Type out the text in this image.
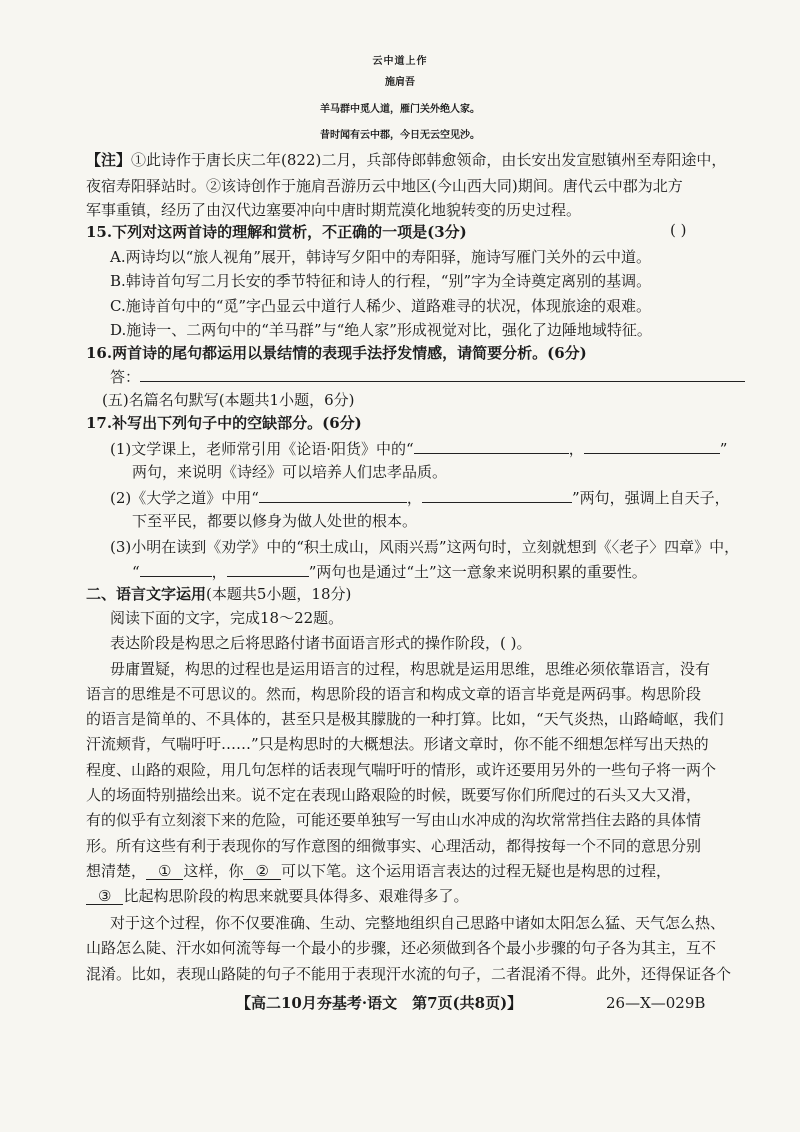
云中道上作
施肩吾
羊马群中觅人道，雁门关外绝人家。
昔时闻有云中郡，今日无云空见沙。
【注】①此诗作于唐长庆二年(822)二月，兵部侍郎韩愈领命，由长安出发宣慰镇州至寿阳途中，
夜宿寿阳驿站时。②该诗创作于施肩吾游历云中地区(今山西大同)期间。唐代云中郡为北方
军事重镇，经历了由汉代边塞要冲向中唐时期荒漠化地貌转变的历史过程。
15.下列对这两首诗的理解和赏析，不正确的一项是(3分)	( )
A.两诗均以“旅人视角”展开，韩诗写夕阳中的寿阳驿，施诗写雁门关外的云中道。
B.韩诗首句写二月长安的季节特征和诗人的行程，“别”字为全诗奠定离别的基调。
C.施诗首句中的“觅”字凸显云中道行人稀少、道路难寻的状况，体现旅途的艰难。
D.施诗一、二两句中的“羊马群”与“绝人家”形成视觉对比，强化了边陲地域特征。
16.两首诗的尾句都运用以景结情的表现手法抒发情感，请简要分析。(6分)
答：
(五)名篇名句默写(本题共1小题，6分)
17.补写出下列句子中的空缺部分。(6分)
(1)文学课上，老师常引用《论语·阳货》中的“	，	”
两句，来说明《诗经》可以培养人们忠孝品质。
(2)《大学之道》中用“	，	”两句，强调上自天子，
下至平民，都要以修身为做人处世的根本。
(3)小明在读到《劝学》中的“积土成山，风雨兴焉”这两句时，立刻就想到《〈老子〉四章》中，
“	，	”两句也是通过“土”这一意象来说明积累的重要性。
二、语言文字运用(本题共5小题，18分)
阅读下面的文字，完成18～22题。
表达阶段是构思之后将思路付诸书面语言形式的操作阶段，( )。
毋庸置疑，构思的过程也是运用语言的过程，构思就是运用思维，思维必须依靠语言，没有
语言的思维是不可思议的。然而，构思阶段的语言和构成文章的语言毕竟是两码事。构思阶段
的语言是简单的、不具体的，甚至只是极其朦胧的一种打算。比如，“天气炎热，山路崎岖，我们
汗流颊背，气喘吁吁……”只是构思时的大概想法。形诸文章时，你不能不细想怎样写出天热的
程度、山路的艰险，用几句怎样的话表现气喘吁吁的情形，或许还要用另外的一些句子将一两个
人的场面特别描绘出来。说不定在表现山路艰险的时候，既要写你们所爬过的石头又大又滑，
有的似乎有立刻滚下来的危险，可能还要单独写一写由山水冲成的沟坎常常挡住去路的具体情
形。所有这些有利于表现你的写作意图的细微事实、心理活动，都得按每一个不同的意思分别
想清楚， ① 这样，你 ② 可以下笔。这个运用语言表达的过程无疑也是构思的过程，
③ 比起构思阶段的构思来就要具体得多、艰难得多了。
对于这个过程，你不仅要准确、生动、完整地组织自己思路中诸如太阳怎么猛、天气怎么热、
山路怎么陡、汗水如何流等每一个最小的步骤，还必须做到各个最小步骤的句子各为其主，互不
混淆。比如，表现山路陡的句子不能用于表现汗水流的句子，二者混淆不得。此外，还得保证各个
【高二10月夯基考·语文　第7页(共8页)】	26—X—029B
